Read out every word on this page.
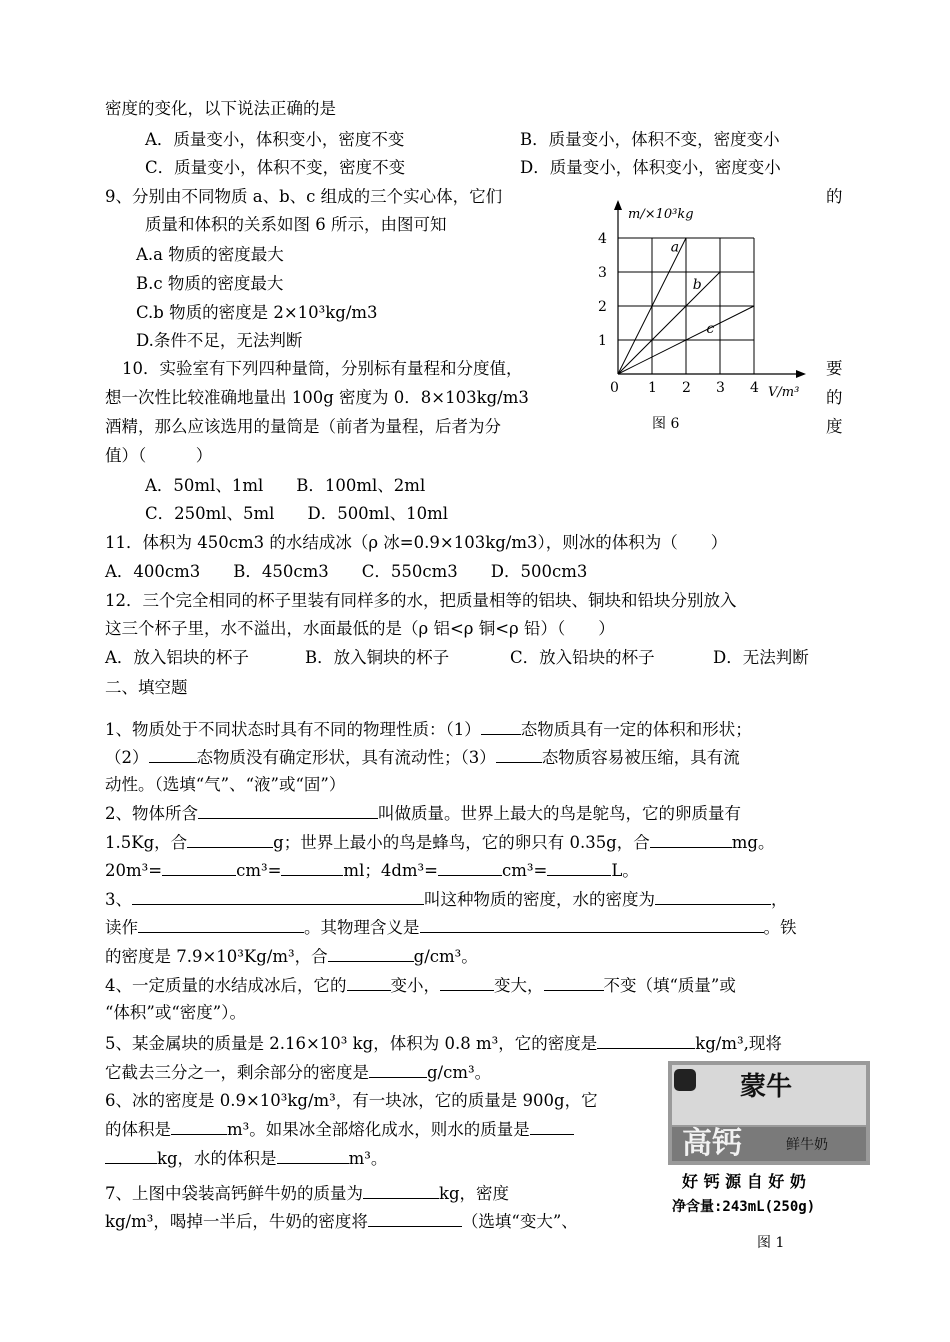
密度的变化，以下说法正确的是
A．质量变小，体积变小，密度不变	B．质量变小，体积不变，密度变小
C．质量变小，体积不变，密度不变	D．质量变小，体积变小，密度变小
9、分别由不同物质 a、b、c 组成的三个实心体，它们	的
质量和体积的关系如图 6 所示，由图可知
A.a 物质的密度最大
B.c 物质的密度最大
C.b 物质的密度是 2×10³kg/m3
D.条件不足，无法判断
10．实验室有下列四种量筒，分别标有量程和分度值，	要
想一次性比较准确地量出 100g 密度为 0．8×103kg/m3	的
酒精，那么应该选用的量筒是（前者为量程，后者为分	度
值）（　　　）
A．50ml、1ml　　B．100ml、2ml
C．250ml、5ml　　D．500ml、10ml
a
b
c
1
2
3
4
0 1 2 3 4
m/×10³kg
V/m³
图 6
11．体积为 450cm3 的水结成冰（ρ 冰=0.9×103kg/m3），则冰的体积为（　　）
A．400cm3　　B．450cm3　　C．550cm3　　D．500cm3
12．三个完全相同的杯子里装有同样多的水，把质量相等的铝块、铜块和铅块分别放入
这三个杯子里，水不溢出，水面最低的是（ρ 铝<ρ 铜<ρ 铅）（　　）
A．放入铝块的杯子	B．放入铜块的杯子	C．放入铅块的杯子	D．无法判断
二、填空题
1、物质处于不同状态时具有不同的物理性质：（1） 态物质具有一定的体积和形状；
（2）	态物质没有确定形状，具有流动性；（3）	态物质容易被压缩，具有流
动性。（选填“气”、“液”或“固”）
2、物体所含	叫做质量。世界上最大的鸟是鸵鸟，它的卵质量有
1.5Kg，合	g；世界上最小的鸟是蜂鸟，它的卵只有 0.35g，合	mg。
20m³=	cm³=	ml；4dm³=	cm³=	L。
3、	叫这种物质的密度，水的密度为	，
读作	。其物理含义是	。铁
的密度是 7.9×10³Kg/m³，合	g/cm³。
4、一定质量的水结成冰后，它的	变小，	变大，	不变（填“质量”或
“体积”或“密度”）。
5、某金属块的质量是 2.16×10³ kg，体积为 0.8 m³，它的密度是	kg/m³,现将
它截去三分之一，剩余部分的密度是	g/cm³。
6、冰的密度是 0.9×10³kg/m³，有一块冰，它的质量是 900g，它
的体积是	m³。如果冰全部熔化成水，则水的质量是
kg，水的体积是	m³。
7、上图中袋装高钙鲜牛奶的质量为	kg，密度
kg/m³，喝掉一半后，牛奶的密度将	（选填“变大”、
蒙牛
高钙	鲜牛奶
好 钙 源 自 好 奶
净含量:243mL(250g)
图 1
